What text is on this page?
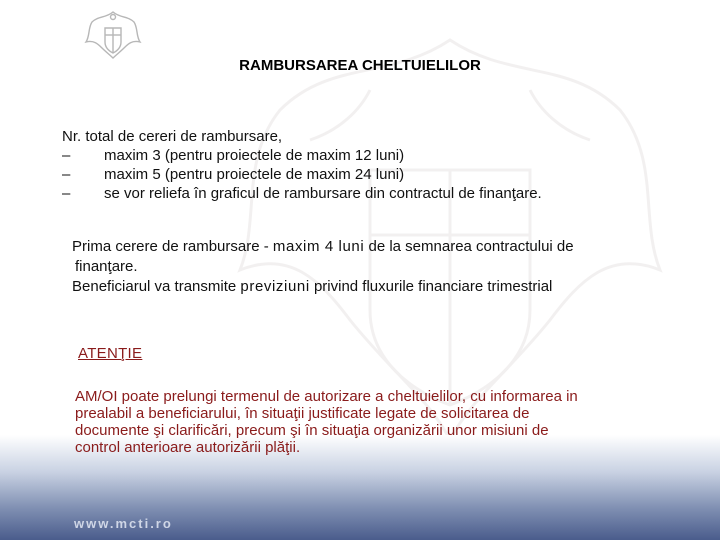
RAMBURSAREA CHELTUIELILOR
Nr. total de cereri de rambursare,
– maxim 3 (pentru proiectele de maxim 12 luni)
– maxim 5 (pentru proiectele de maxim 24 luni)
– se vor reliefa în graficul de rambursare din contractul de finanţare.
Prima cerere de rambursare - maxim 4 luni de la semnarea contractului de
finanţare.
Beneficiarul va transmite previziuni privind fluxurile financiare trimestrial
ATENŢIE
AM/OI poate prelungi termenul de autorizare a cheltuielilor, cu informarea in
prealabil a beneficiarului, în situaţii justificate legate de solicitarea de
documente şi clarificări, precum şi în situaţia organizării unor misiuni de
control anterioare autorizării plăţii.
www.mcti.ro
